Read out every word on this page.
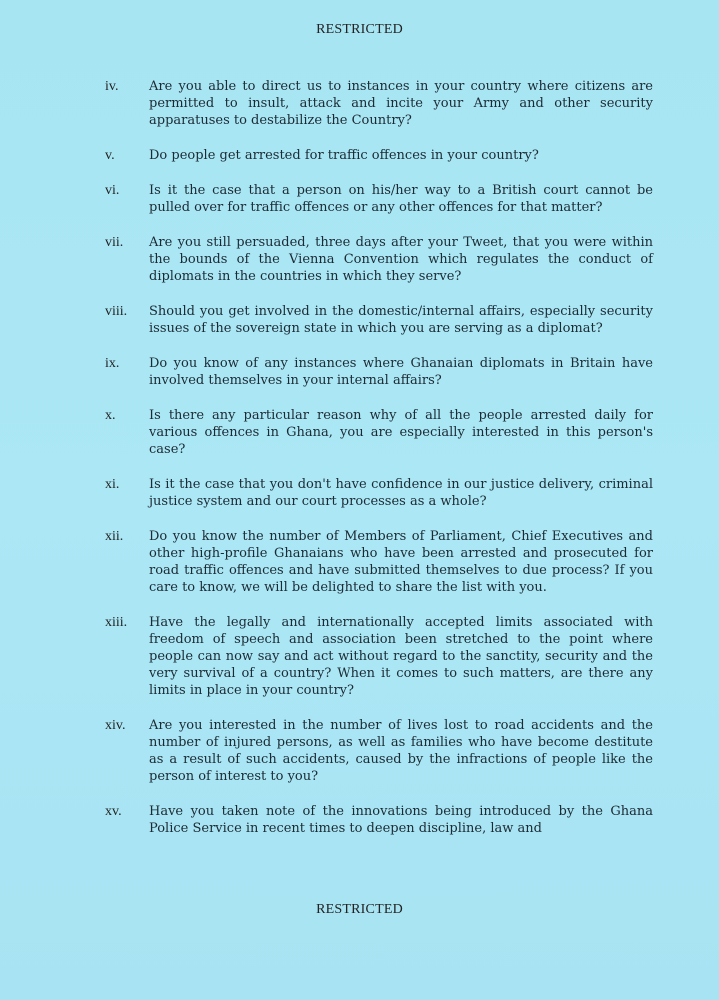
RESTRICTED
iv.	Are you able to direct us to instances in your country where citizens are permitted to insult, attack and incite your Army and other security apparatuses to destabilize the Country?
v.	Do people get arrested for traffic offences in your country?
vi.	Is it the case that a person on his/her way to a British court cannot be pulled over for traffic offences or any other offences for that matter?
vii.	Are you still persuaded, three days after your Tweet, that you were within the bounds of the Vienna Convention which regulates the conduct of diplomats in the countries in which they serve?
viii.	Should you get involved in the domestic/internal affairs, especially security issues of the sovereign state in which you are serving as a diplomat?
ix.	Do you know of any instances where Ghanaian diplomats in Britain have involved themselves in your internal affairs?
x.	Is there any particular reason why of all the people arrested daily for various offences in Ghana, you are especially interested in this person's case?
xi.	Is it the case that you don't have confidence in our justice delivery, criminal justice system and our court processes as a whole?
xii.	Do you know the number of Members of Parliament, Chief Executives and other high-profile Ghanaians who have been arrested and prosecuted for road traffic offences and have submitted themselves to due process? If you care to know, we will be delighted to share the list with you.
xiii.	Have the legally and internationally accepted limits associated with freedom of speech and association been stretched to the point where people can now say and act without regard to the sanctity, security and the very survival of a country? When it comes to such matters, are there any limits in place in your country?
xiv.	Are you interested in the number of lives lost to road accidents and the number of injured persons, as well as families who have become destitute as a result of such accidents, caused by the infractions of people like the person of interest to you?
xv.	Have you taken note of the innovations being introduced by the Ghana Police Service in recent times to deepen discipline, law and
RESTRICTED
